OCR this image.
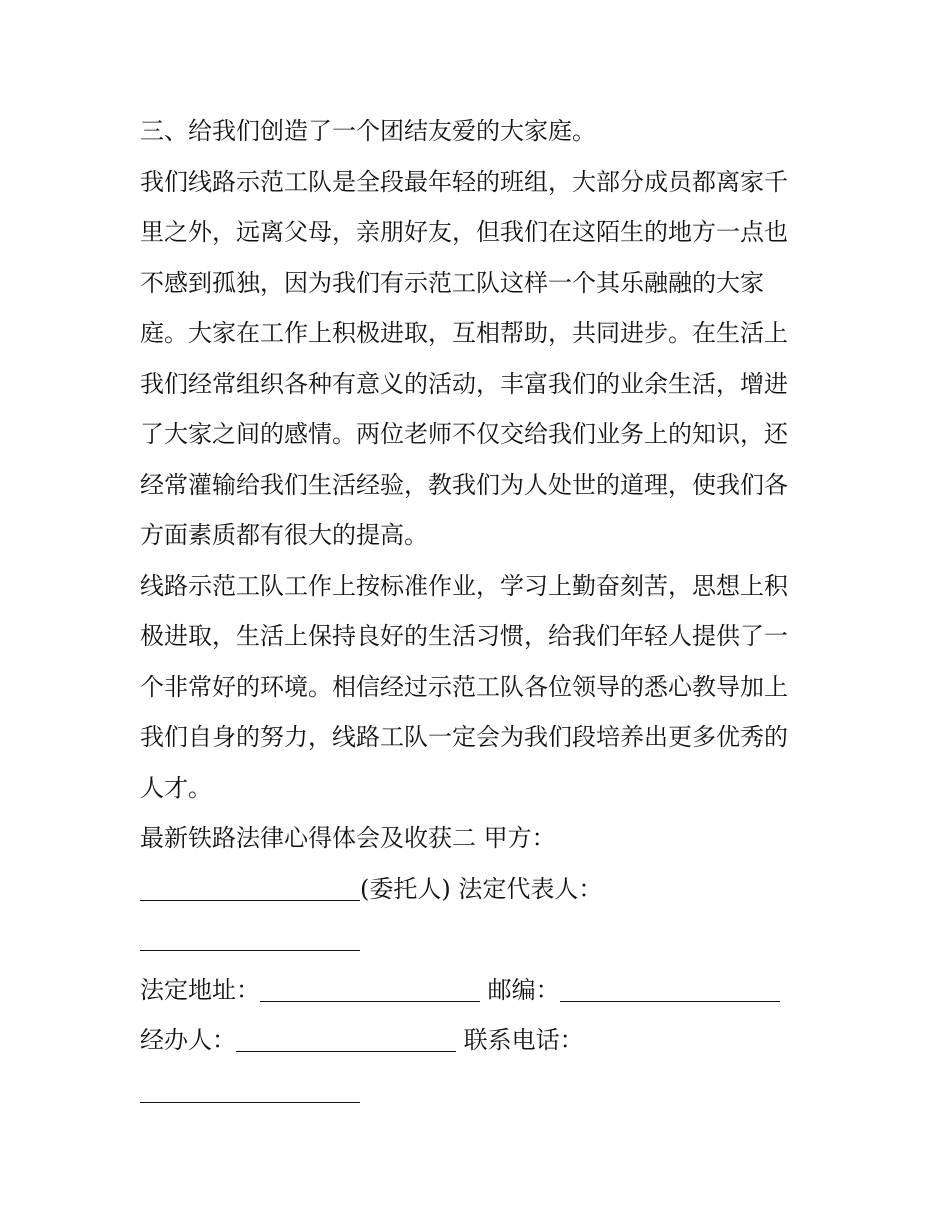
三、给我们创造了一个团结友爱的大家庭。
我们线路示范工队是全段最年轻的班组，大部分成员都离家千
里之外，远离父母，亲朋好友，但我们在这陌生的地方一点也
不感到孤独，因为我们有示范工队这样一个其乐融融的大家
庭。大家在工作上积极进取，互相帮助，共同进步。在生活上
我们经常组织各种有意义的活动，丰富我们的业余生活，增进
了大家之间的感情。两位老师不仅交给我们业务上的知识，还
经常灌输给我们生活经验，教我们为人处世的道理，使我们各
方面素质都有很大的提高。
线路示范工队工作上按标准作业，学习上勤奋刻苦，思想上积
极进取，生活上保持良好的生活习惯，给我们年轻人提供了一
个非常好的环境。相信经过示范工队各位领导的悉心教导加上
我们自身的努力，线路工队一定会为我们段培养出更多优秀的
人才。
最新铁路法律心得体会及收获二 甲方：
(委托人) 法定代表人：
法定地址：	邮编：
经办人：	联系电话：
